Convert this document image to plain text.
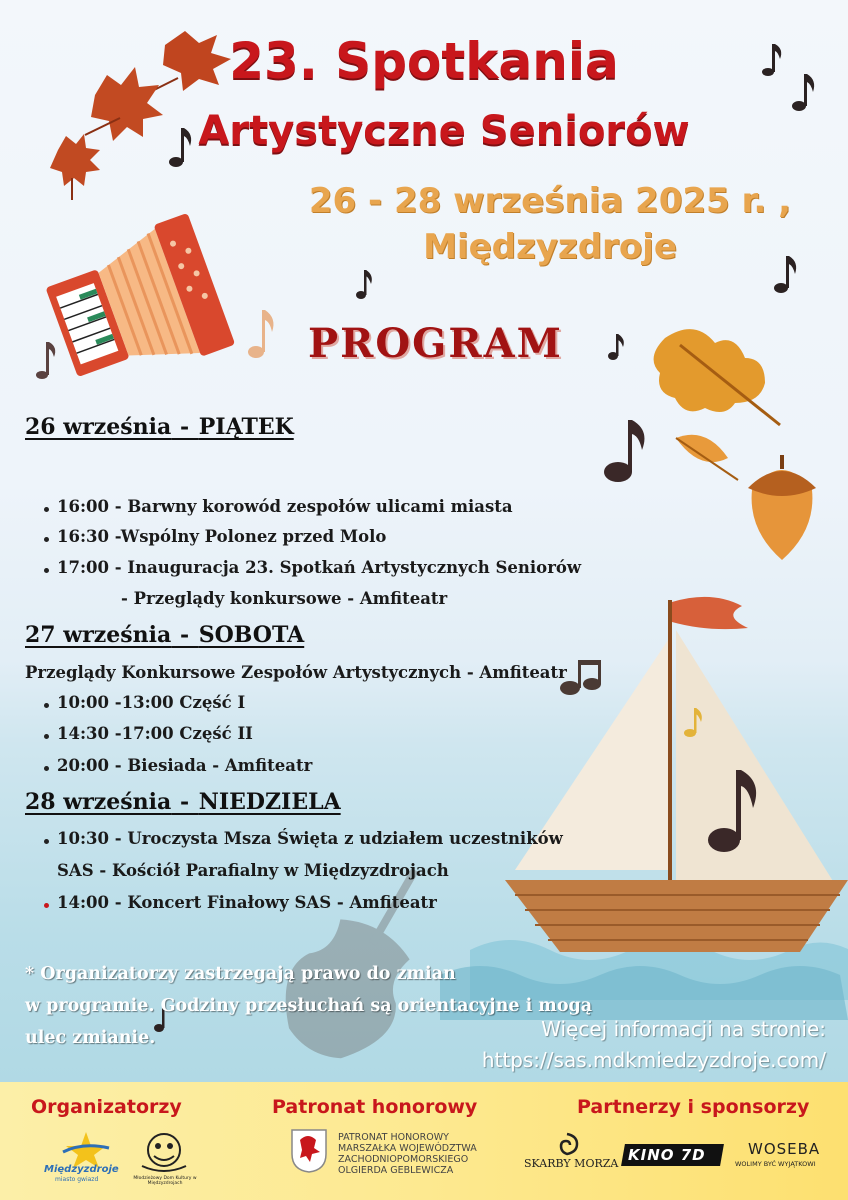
23. Spotkania
Artystyczne Seniorów
26 - 28 września 2025 r. ,
Międzyzdroje
PROGRAM
26 września - PIĄTEK
16:00 - Barwny korowód zespołów ulicami miasta
16:30 -Wspólny Polonez przed Molo
17:00 - Inauguracja 23. Spotkań Artystycznych Seniorów
- Przeglądy konkursowe - Amfiteatr
27 września - SOBOTA
Przeglądy Konkursowe Zespołów Artystycznych - Amfiteatr
10:00 -13:00 Część I
14:30 -17:00 Część II
20:00 - Biesiada - Amfiteatr
28 września - NIEDZIELA
10:30 - Uroczysta Msza Święta z udziałem uczestników
SAS - Kościół Parafialny w Międzyzdrojach
14:00 - Koncert Finałowy SAS - Amfiteatr
* Organizatorzy zastrzegają prawo do zmian
w programie. Godziny przesłuchań są orientacyjne i mogą
ulec zmianie.	Więcej informacji na stronie:
https://sas.mdkmiedzyzdroje.com/
Organizatorzy	Patronat honorowy	Partnerzy i sponsorzy
Międzyzdroje
miasto gwiazd	Młodzieżowy Dom Kultury w Międzyzdrojach
PATRONAT HONOROWY
MARSZAŁKA WOJEWÓDZTWA
ZACHODNIOPOMORSKIEGO
OLGIERDA GEBLEWICZA
SKARBY MORZA KINO 7D	WOSEBA
WOLIMY BYĆ WYJĄTKOWI
